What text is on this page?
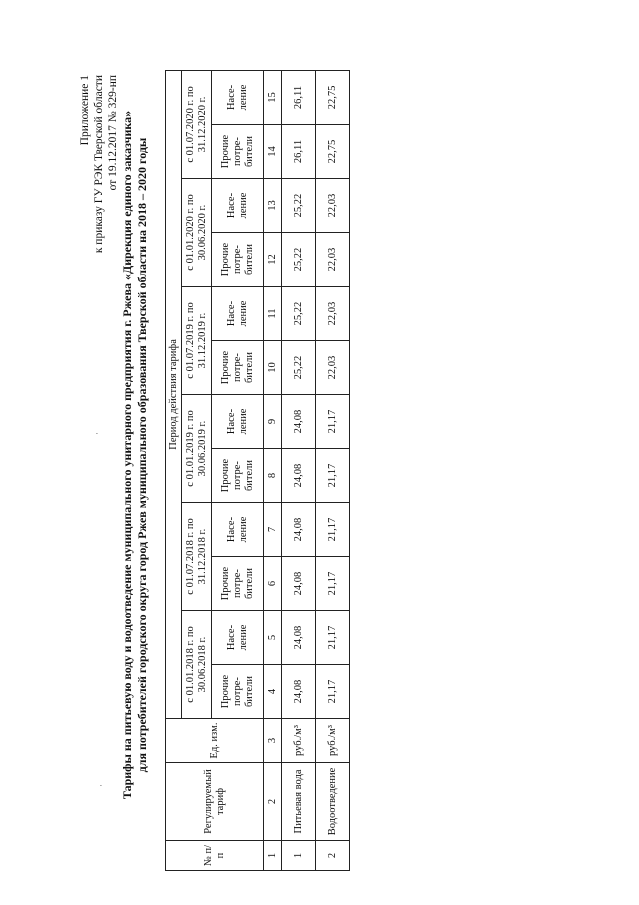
Приложение 1 к приказу ГУ РЭК Тверской области от 19.12.2017 № 329-нп Тарифы на питьевую воду и водоотведение муниципального унитарного предприятия г. Ржева «Дирекция единого заказчика» для потребителей городского округа город Ржев муниципального образования Тверской области на 2018 – 2020 годы
№ п/п	Регулируемый тариф	Ед. изм.	Период действия тарифа											
			с 01.01.2018 г. по 30.06.2018 г.		с 01.07.2018 г. по 31.12.2018 г.		с 01.01.2019 г. по 30.06.2019 г.		с 01.07.2019 г. по 31.12.2019 г.		с 01.01.2020 г. по 30.06.2020 г.		с 01.07.2020 г. по 31.12.2020 г.	
			Прочие потре-бители	Насе-ление	Прочие потре-бители	Насе-ление	Прочие потре-бители	Насе-ление	Прочие потре-бители	Насе-ление	Прочие потре-бители	Насе-ление	Прочие потре-бители	Насе-ление
1	2	3	4	5	6	7	8	9	10	11	12	13	14	15
1	Питьевая вода	руб./м³	24,08	24,08	24,08	24,08	24,08	24,08	25,22	25,22	25,22	25,22	26,11	26,11
2	Водоотведение	руб./м³	21,17	21,17	21,17	21,17	21,17	21,17	22,03	22,03	22,03	22,03	22,75	22,75
·
·
